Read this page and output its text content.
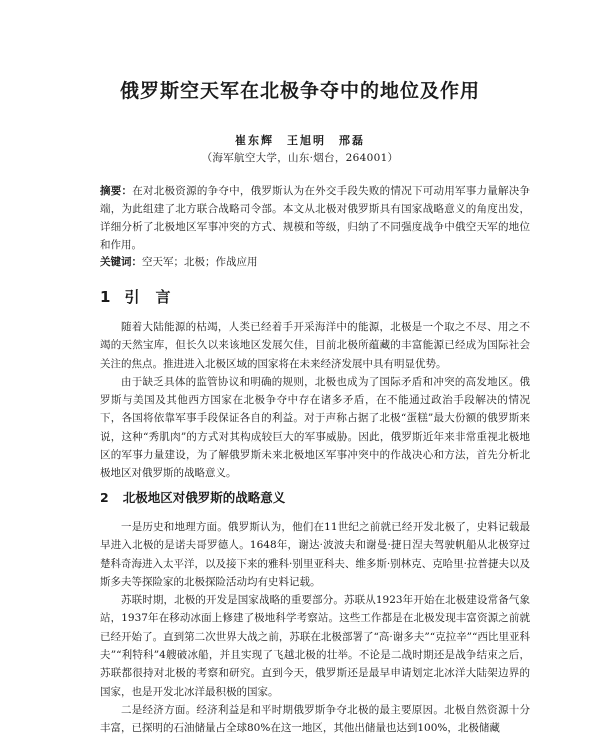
俄罗斯空天军在北极争夺中的地位及作用
崔东辉　王旭明　邢磊
（海军航空大学，山东·烟台，264001）
摘要：在对北极资源的争夺中，俄罗斯认为在外交手段失败的情况下可动用军事力量解决争端，为此组建了北方联合战略司令部。本文从北极对俄罗斯具有国家战略意义的角度出发，详细分析了北极地区军事冲突的方式、规模和等级，归纳了不同强度战争中俄空天军的地位和作用。
关键词：空天军；北极；作战应用
1 引言

随着大陆能源的枯竭，人类已经着手开采海洋中的能源，北极是一个取之不尽、用之不竭的天然宝库，但长久以来该地区发展欠佳，目前北极所蕴藏的丰富能源已经成为国际社会关注的焦点。推进进入北极区域的国家将在未来经济发展中具有明显优势。

由于缺乏具体的监管协议和明确的规则，北极也成为了国际矛盾和冲突的高发地区。俄罗斯与美国及其他西方国家在北极争夺中存在诸多矛盾，在不能通过政治手段解决的情况下，各国将依靠军事手段保证各自的利益。对于声称占据了北极“蛋糕”最大份额的俄罗斯来说，这种“秀肌肉”的方式对其构成较巨大的军事威胁。因此，俄罗斯近年来非常重视北极地区的军事力量建设，为了解俄罗斯未来北极地区军事冲突中的作战决心和方法，首先分析北极地区对俄罗斯的战略意义。

2 北极地区对俄罗斯的战略意义

一是历史和地理方面。俄罗斯认为，他们在11世纪之前就已经开发北极了，史料记载最早进入北极的是诺夫哥罗德人。1648年，谢达·波波夫和谢曼·捷日涅夫驾驶帆船从北极穿过楚科奇海进入太平洋，以及接下来的雅科·别里亚科夫、维多斯·别林克、克哈里·拉普捷夫以及斯多夫等探险家的北极探险活动均有史料记载。

苏联时期，北极的开发是国家战略的重要部分。苏联从1923年开始在北极建设常备气象站，1937年在移动冰面上修建了极地科学考察站。这些工作都是在北极发现丰富资源之前就已经开始了。直到第二次世界大战之前，苏联在北极部署了“高·谢多夫”“克拉辛”“西比里亚科夫”“利特科”4艘破冰船，并且实现了飞越北极的壮举。不论是二战时期还是战争结束之后，苏联都很持对北极的考察和研究。直到今天，俄罗斯还是最早申请划定北冰洋大陆架边界的国家，也是开发北冰洋最积极的国家。

二是经济方面。经济利益是和平时期俄罗斯争夺北极的最主要原因。北极自然资源十分丰富，已探明的石油储量占全球80%在这一地区，其他出储量也达到100%，北极储藏
